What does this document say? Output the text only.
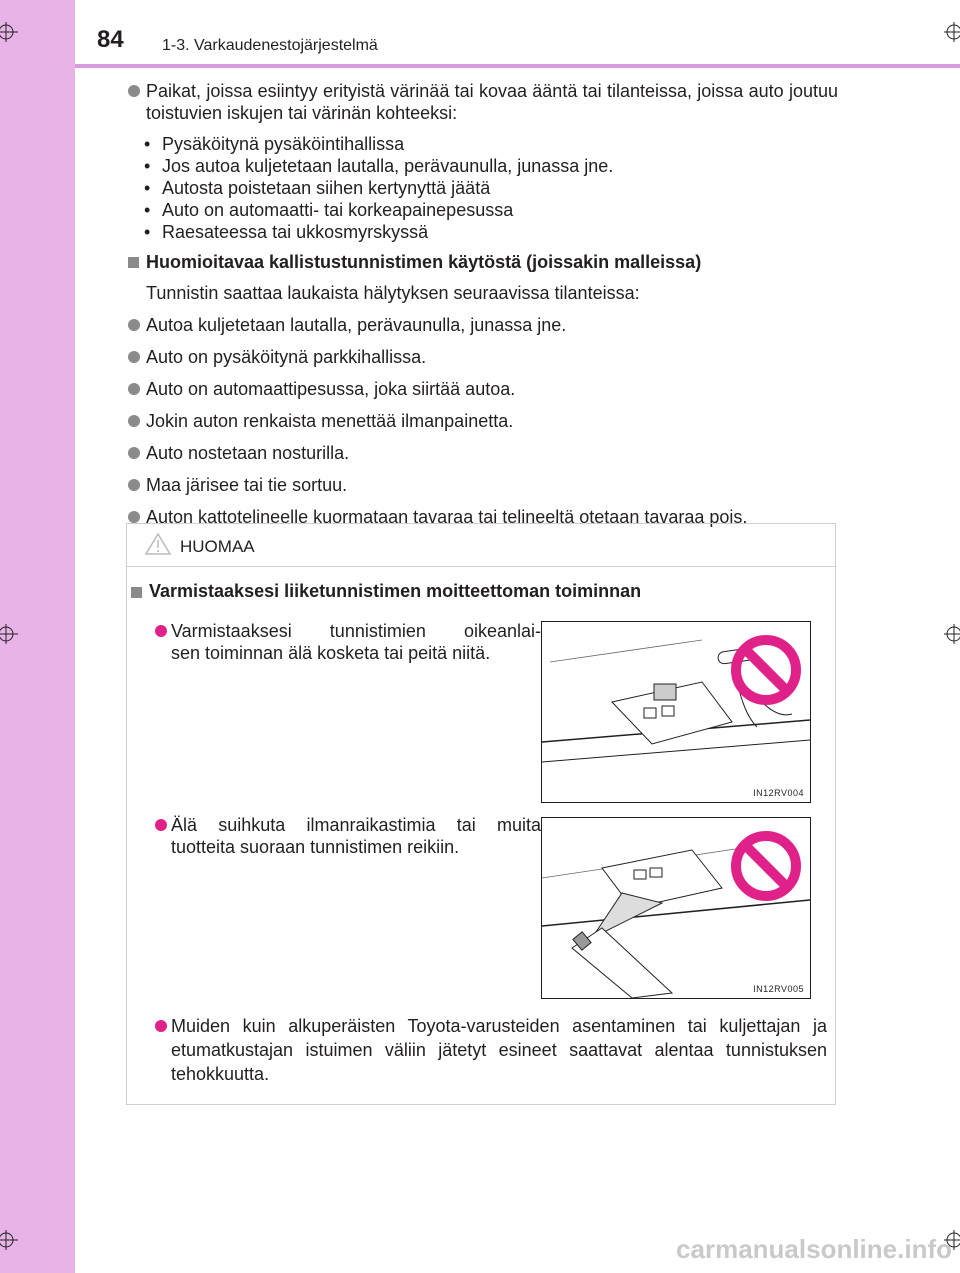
84 1-3. Varkaudenestojärjestelmä
Paikat, joissa esiintyy erityistä värinää tai kovaa ääntä tai tilanteissa, joissa auto joutuu toistuvien iskujen tai värinän kohteeksi:

• Pysäköitynä pysäköintihallissa

• Jos autoa kuljetetaan lautalla, perävaunulla, junassa jne.

• Autosta poistetaan siihen kertynyttä jäätä

• Auto on automaatti- tai korkeapainepesussa

• Raesateessa tai ukkosmyrskyssä

Huomioitavaa kallistustunnistimen käytöstä (joissakin malleissa)
Tunnistin saattaa laukaista hälytyksen seuraavissa tilanteissa:
Autoa kuljetetaan lautalla, perävaunulla, junassa jne.
Auto on pysäköitynä parkkihallissa.
Auto on automaattipesussa, joka siirtää autoa.
Jokin auton renkaista menettää ilmanpainetta.
Auto nostetaan nosturilla.
Maa järisee tai tie sortuu.
Auton kattotelineelle kuormataan tavaraa tai telineeltä otetaan tavaraa pois.
HUOMAA
Varmistaaksesi liiketunnistimen moitteettoman toiminnan
Varmistaaksesi tunnistimien oikeanlai-
sen toiminnan älä kosketa tai peitä niitä.
IN12RV004
Älä suihkuta ilmanraikastimia tai muita
tuotteita suoraan tunnistimen reikiin.
IN12RV005
Muiden kuin alkuperäisten Toyota-varusteiden asentaminen tai kuljettajan ja etumatkustajan istuimen väliin jätetyt esineet saattavat alentaa tunnistuksen tehokkuutta.
carmanualsonline.info
